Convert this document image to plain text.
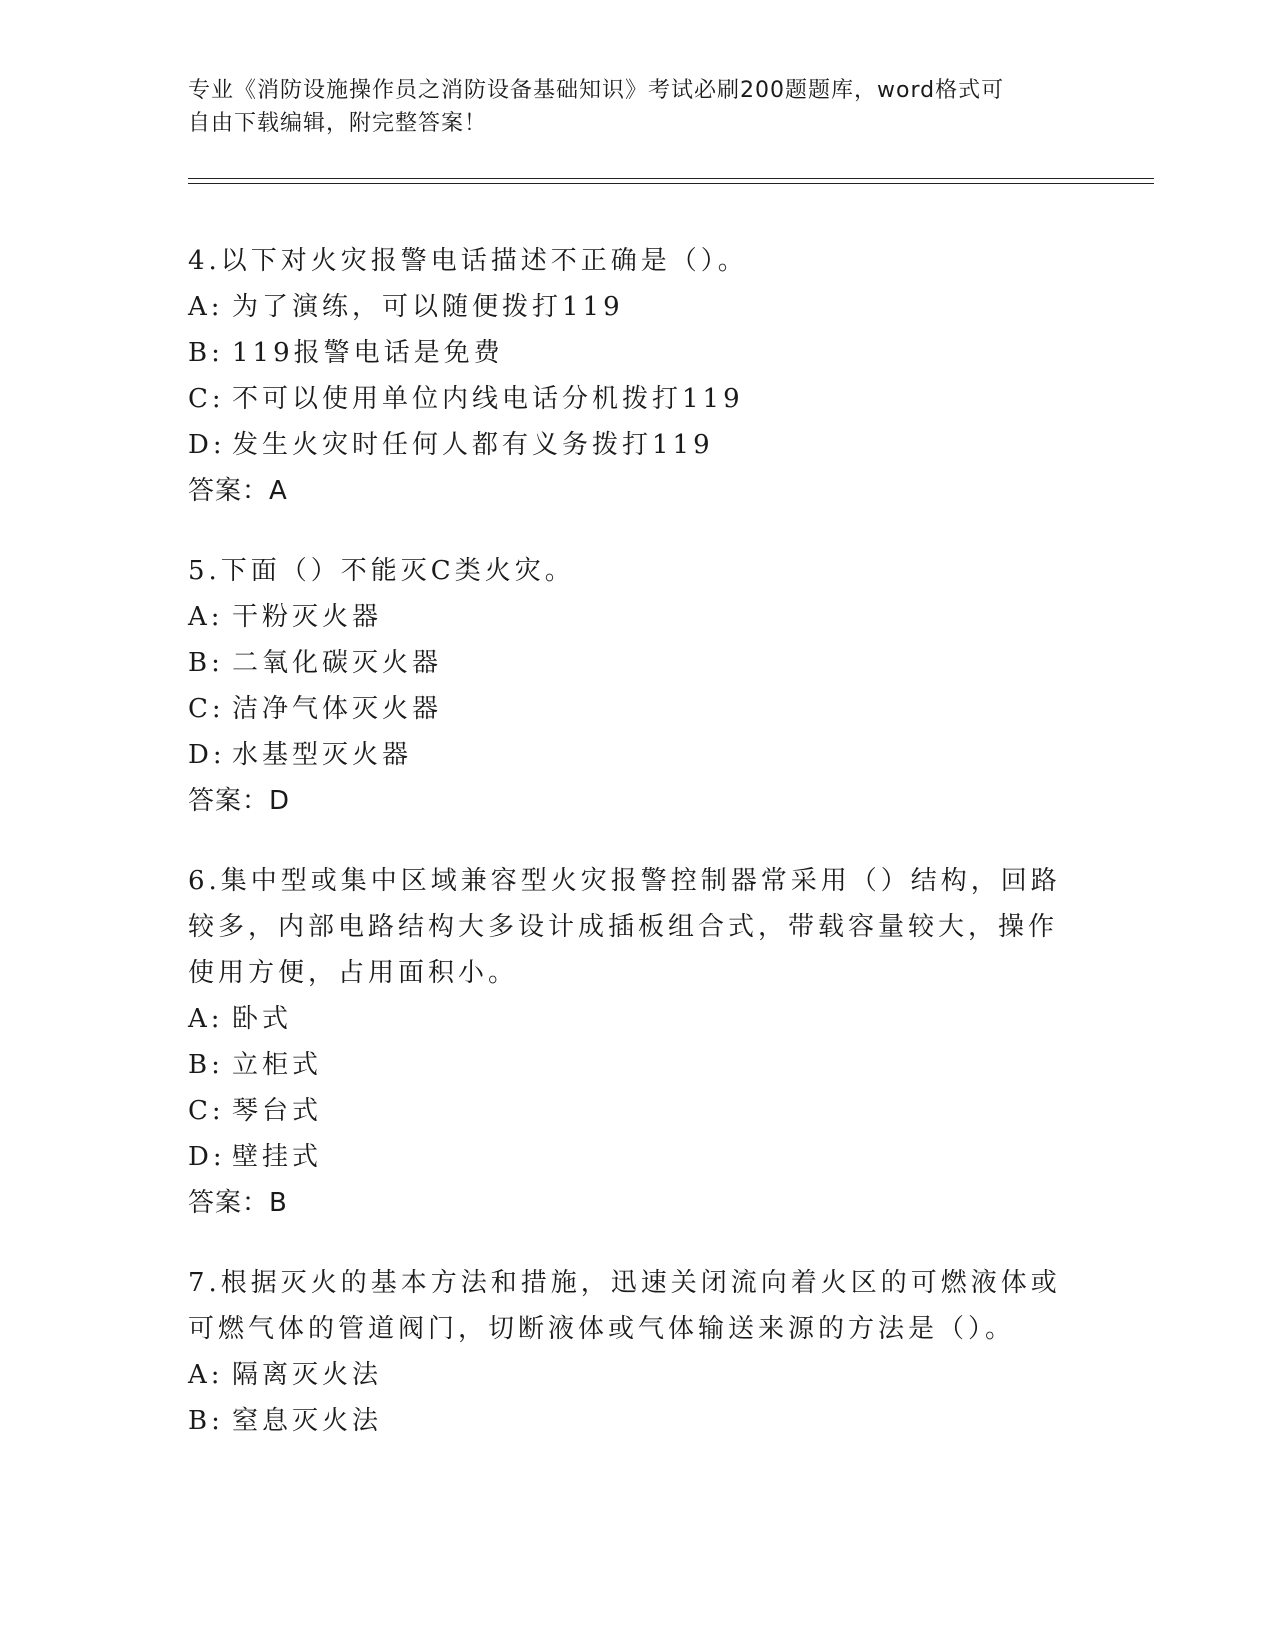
专业《消防设施操作员之消防设备基础知识》考试必刷200题题库，word格式可
自由下载编辑，附完整答案！

4.以下对火灾报警电话描述不正确是（）。

A: 为了演练，可以随便拨打119

B: 119报警电话是免费

C: 不可以使用单位内线电话分机拨打119

D: 发生火灾时任何人都有义务拨打119

答案：A

5.下面（）不能灭C类火灾。

A: 干粉灭火器

B: 二氧化碳灭火器

C: 洁净气体灭火器

D: 水基型灭火器

答案：D

6.集中型或集中区域兼容型火灾报警控制器常采用（）结构，回路较多，内部电路结构大多设计成插板组合式，带载容量较大，操作使用方便，占用面积小。

A: 卧式

B: 立柜式

C: 琴台式

D: 壁挂式

答案：B

7.根据灭火的基本方法和措施，迅速关闭流向着火区的可燃液体或可燃气体的管道阀门，切断液体或气体输送来源的方法是（）。

A: 隔离灭火法

B: 窒息灭火法
